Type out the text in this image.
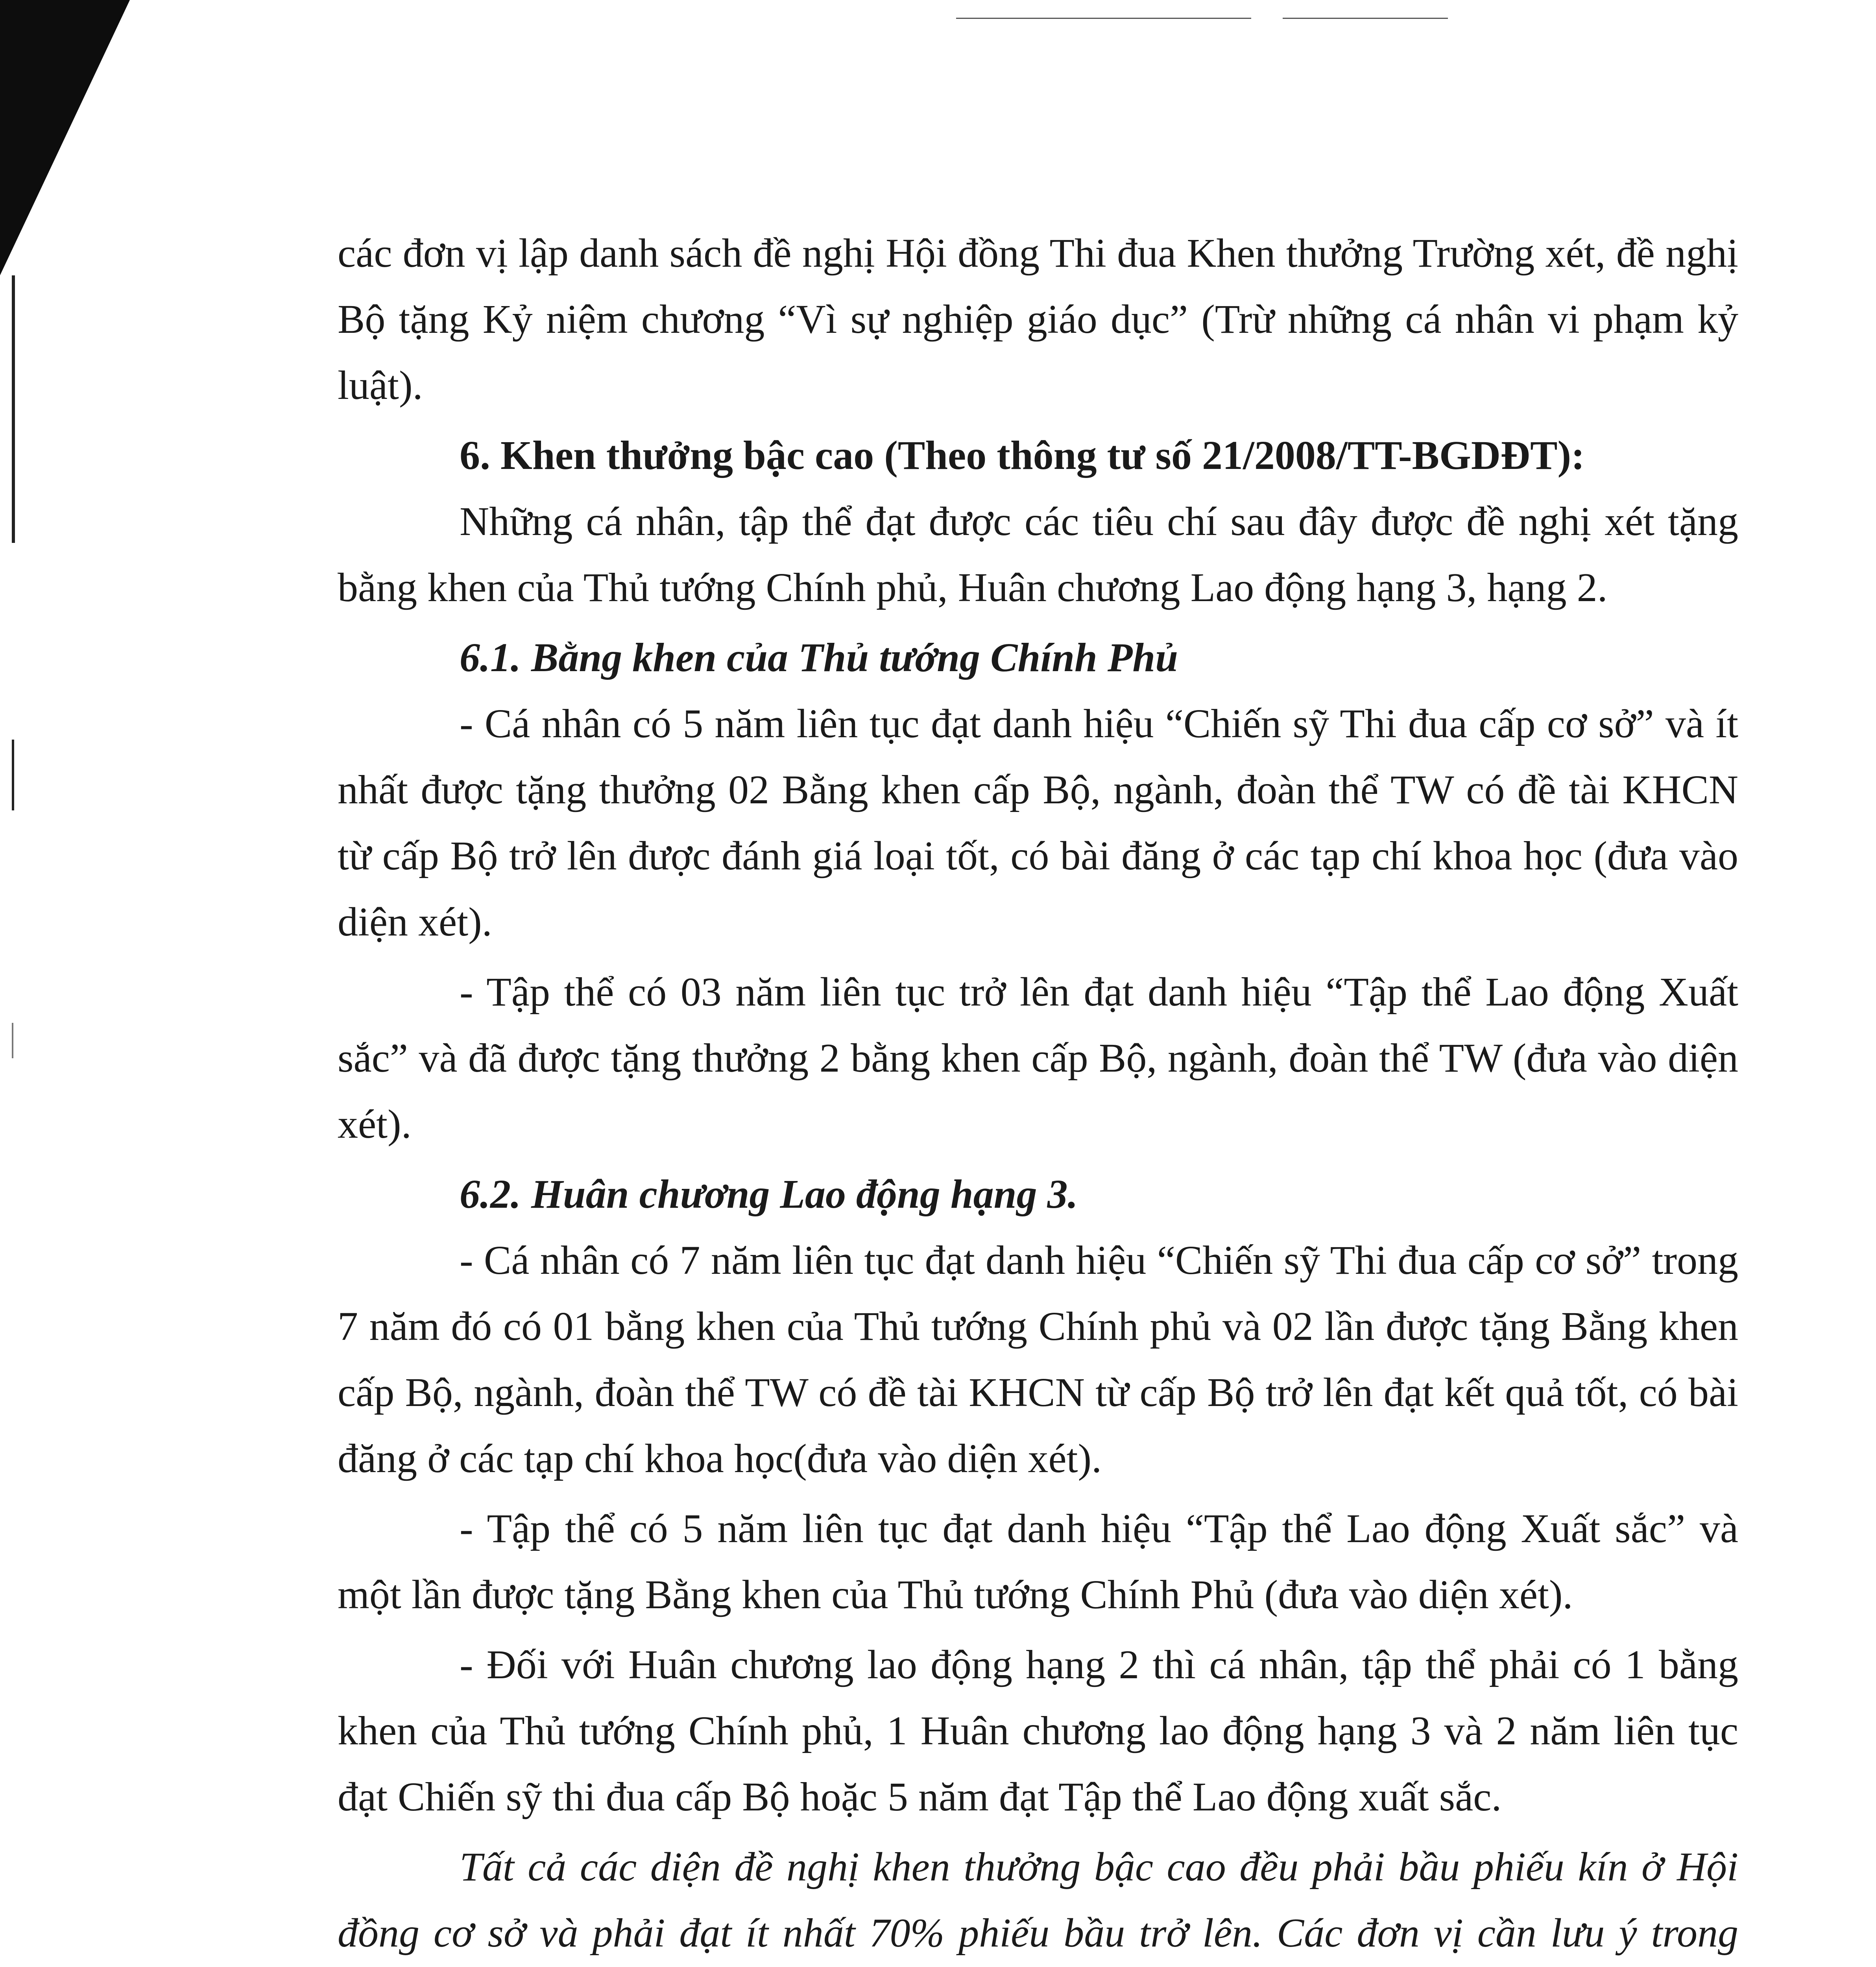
các đơn vị lập danh sách đề nghị Hội đồng Thi đua Khen thưởng Trường xét, đề nghị Bộ tặng Kỷ niệm chương “Vì sự nghiệp giáo dục” (Trừ những cá nhân vi phạm kỷ luật).

6. Khen thưởng bậc cao (Theo thông tư số 21/2008/TT-BGDĐT):

Những cá nhân, tập thể đạt được các tiêu chí sau đây được đề nghị xét tặng bằng khen của Thủ tướng Chính phủ, Huân chương Lao động hạng 3, hạng 2.

6.1. Bằng khen của Thủ tướng Chính Phủ

- Cá nhân có 5 năm liên tục đạt danh hiệu “Chiến sỹ Thi đua cấp cơ sở” và ít nhất được tặng thưởng 02 Bằng khen cấp Bộ, ngành, đoàn thể TW có đề tài KHCN từ cấp Bộ trở lên được đánh giá loại tốt, có bài đăng ở các tạp chí khoa học (đưa vào diện xét).

- Tập thể có 03 năm liên tục trở lên đạt danh hiệu “Tập thể Lao động Xuất sắc” và đã được tặng thưởng 2 bằng khen cấp Bộ, ngành, đoàn thể TW (đưa vào diện xét).

6.2. Huân chương Lao động hạng 3.

- Cá nhân có 7 năm liên tục đạt danh hiệu “Chiến sỹ Thi đua cấp cơ sở” trong 7 năm đó có 01 bằng khen của Thủ tướng Chính phủ và 02 lần được tặng Bằng khen cấp Bộ, ngành, đoàn thể TW có đề tài KHCN từ cấp Bộ trở lên đạt kết quả tốt, có bài đăng ở các tạp chí khoa học(đưa vào diện xét).

- Tập thể có 5 năm liên tục đạt danh hiệu “Tập thể Lao động Xuất sắc” và một lần được tặng Bằng khen của Thủ tướng Chính Phủ (đưa vào diện xét).

- Đối với Huân chương lao động hạng 2 thì cá nhân, tập thể phải có 1 bằng khen của Thủ tướng Chính phủ, 1 Huân chương lao động hạng 3 và 2 năm liên tục đạt Chiến sỹ thi đua cấp Bộ hoặc 5 năm đạt Tập thể Lao động xuất sắc.

Tất cả các diện đề nghị khen thưởng bậc cao đều phải bầu phiếu kín ở Hội đồng cơ sở và phải đạt ít nhất 70% phiếu bầu trở lên. Các đơn vị cần lưu ý trong
